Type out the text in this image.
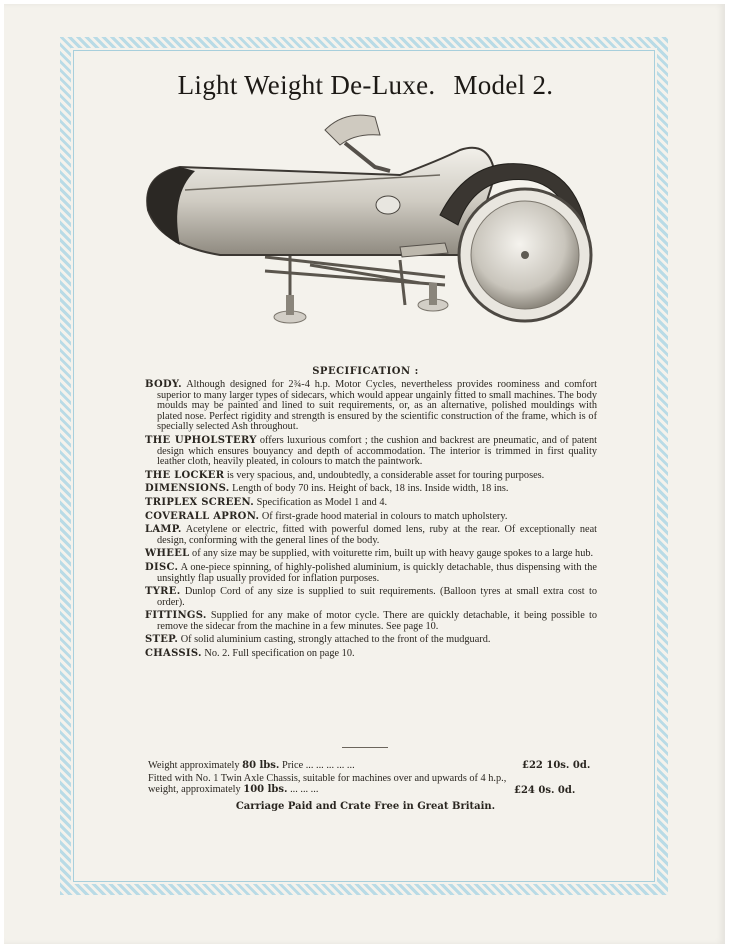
Light Weight De-Luxe. Model 2.
SPECIFICATION :

BODY. Although designed for 2¾-4 h.p. Motor Cycles, nevertheless provides roominess and comfort superior to many larger types of sidecars, which would appear ungainly fitted to small machines. The body moulds may be painted and lined to suit requirements, or, as an alternative, polished mouldings with plated nose. Perfect rigidity and strength is ensured by the scientific construction of the frame, which is of specially selected Ash throughout.

THE UPHOLSTERY offers luxurious comfort ; the cushion and backrest are pneumatic, and of patent design which ensures bouyancy and depth of accommodation. The interior is trimmed in first quality leather cloth, heavily pleated, in colours to match the paintwork.

THE LOCKER is very spacious, and, undoubtedly, a considerable asset for touring purposes.

DIMENSIONS. Length of body 70 ins. Height of back, 18 ins. Inside width, 18 ins.

TRIPLEX SCREEN. Specification as Model 1 and 4.

COVERALL APRON. Of first-grade hood material in colours to match upholstery.

LAMP. Acetylene or electric, fitted with powerful domed lens, ruby at the rear. Of exceptionally neat design, conforming with the general lines of the body.

WHEEL of any size may be supplied, with voiturette rim, built up with heavy gauge spokes to a large hub.

DISC. A one-piece spinning, of highly-polished aluminium, is quickly detachable, thus dispensing with the unsightly flap usually provided for inflation purposes.

TYRE. Dunlop Cord of any size is supplied to suit requirements. (Balloon tyres at small extra cost to order).

FITTINGS. Supplied for any make of motor cycle. There are quickly detachable, it being possible to remove the sidecar from the machine in a few minutes. See page 10.

STEP. Of solid aluminium casting, strongly attached to the front of the mudguard.

CHASSIS. No. 2. Full specification on page 10.

Weight approximately 80 lbs. Price ... ... ... ... ...	£22 10s. 0d.
Fitted with No. 1 Twin Axle Chassis, suitable for machines over and upwards of 4 h.p., weight, approximately 100 lbs. ... ... ...	£24 0s. 0d.
Carriage Paid and Crate Free in Great Britain.
